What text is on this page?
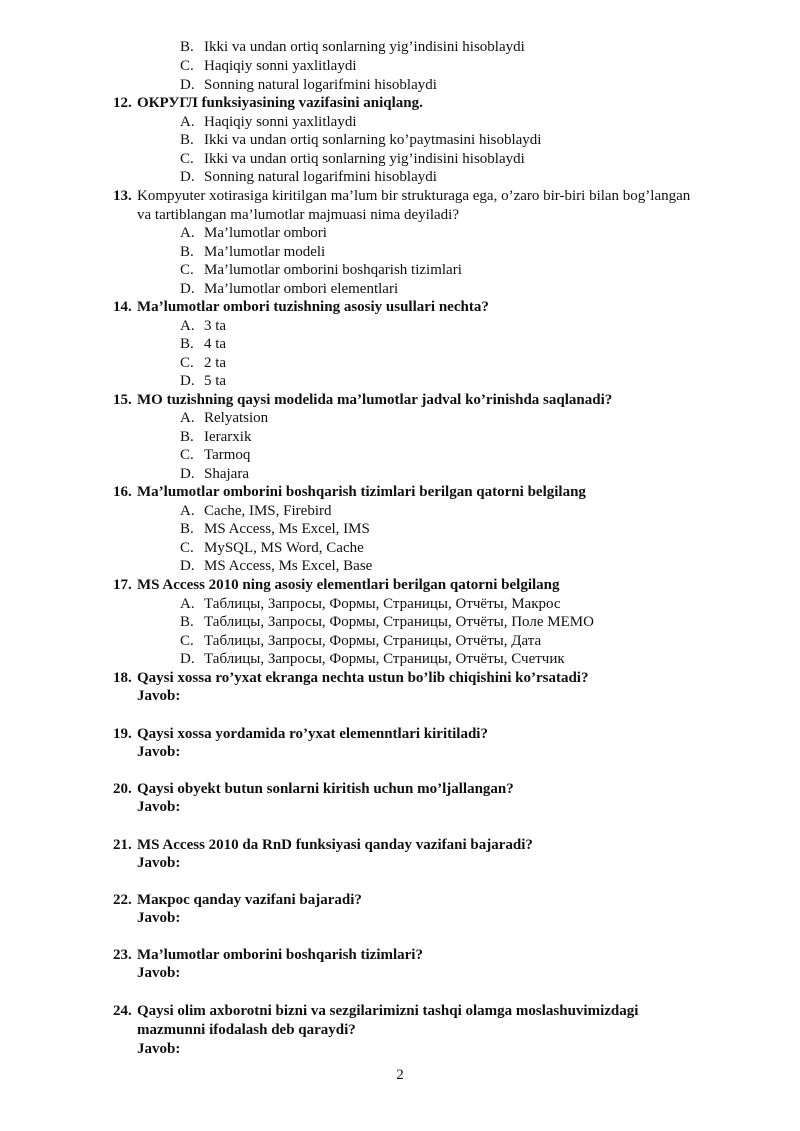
B. Ikki va undan ortiq sonlarning yig’indisini hisoblaydi
C. Haqiqiy sonni yaxlitlaydi
D. Sonning natural logarifmini hisoblaydi
12. ОКРУГЛ funksiyasining vazifasini aniqlang.
A. Haqiqiy sonni yaxlitlaydi
B. Ikki va undan ortiq sonlarning ko’paytmasini hisoblaydi
C. Ikki va undan ortiq sonlarning yig’indisini hisoblaydi
D. Sonning natural logarifmini hisoblaydi
13. Kompyuter xotirasiga kiritilgan ma’lum bir strukturaga ega, o’zaro bir-biri bilan bog’langan
va tartiblangan ma’lumotlar majmuasi nima deyiladi?
A. Ma’lumotlar ombori
B. Ma’lumotlar modeli
C. Ma’lumotlar omborini boshqarish tizimlari
D. Ma’lumotlar ombori elementlari
14. Ma’lumotlar ombori tuzishning asosiy usullari nechta?
A. 3 ta
B. 4 ta
C. 2 ta
D. 5 ta
15. MO tuzishning qaysi modelida ma’lumotlar jadval ko’rinishda saqlanadi?
A. Relyatsion
B. Ierarxik
C. Tarmoq
D. Shajara
16. Ma’lumotlar omborini boshqarish tizimlari berilgan qatorni belgilang
A. Cache, IMS, Firebird
B. MS Access, Ms Excel, IMS
C. MySQL, MS Word, Cache
D. MS Access, Ms Excel, Base
17. MS Access 2010 ning asosiy elementlari berilgan qatorni belgilang
A. Таблицы, Запросы, Формы, Страницы, Отчёты, Макрос
B. Таблицы, Запросы, Формы, Страницы, Отчёты, Поле МЕМО
C. Таблицы, Запросы, Формы, Страницы, Отчёты, Дата
D. Таблицы, Запросы, Формы, Страницы, Отчёты, Счетчик
18. Qaysi xossa ro’yxat ekranga nechta ustun bo’lib chiqishini ko’rsatadi?
Javob:
19. Qaysi xossa yordamida ro’yxat elemenntlari kiritiladi?
Javob:
20. Qaysi obyekt butun sonlarni kiritish uchun mo’ljallangan?
Javob:
21. MS Access 2010 da RnD funksiyasi qanday vazifani bajaradi?
Javob:
22. Макрос qanday vazifani bajaradi?
Javob:
23. Ma’lumotlar omborini boshqarish tizimlari?
Javob:
24. Qaysi olim axborotni bizni va sezgilarimizni tashqi olamga moslashuvimizdagi
mazmunni ifodalash deb qaraydi?
Javob:
2
